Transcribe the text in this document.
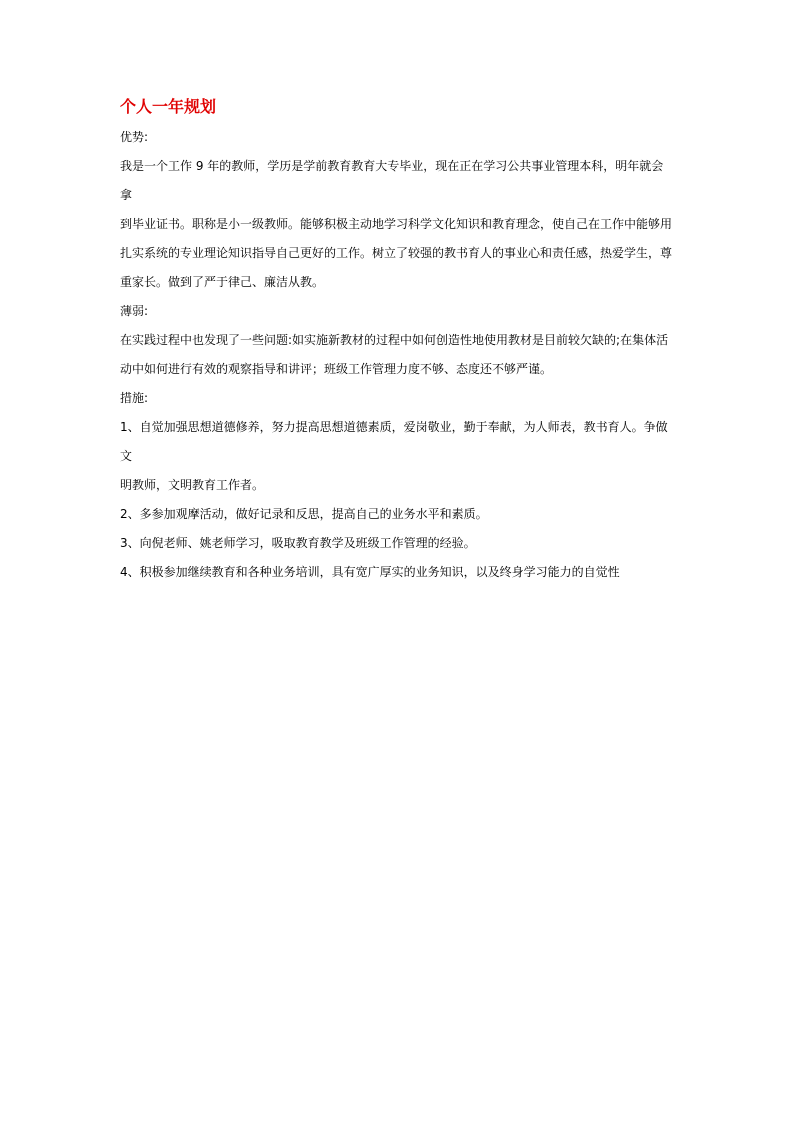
个人一年规划

优势:

我是一个工作 9 年的教师，学历是学前教育教育大专毕业，现在正在学习公共事业管理本科，明年就会拿

到毕业证书。职称是小一级教师。能够积极主动地学习科学文化知识和教育理念，使自己在工作中能够用

扎实系统的专业理论知识指导自己更好的工作。树立了较强的教书育人的事业心和责任感，热爱学生，尊

重家长。做到了严于律己、廉洁从教。

薄弱:

在实践过程中也发现了一些问题:如实施新教材的过程中如何创造性地使用教材是目前较欠缺的;在集体活

动中如何进行有效的观察指导和讲评；班级工作管理力度不够、态度还不够严谨。

措施:

1、自觉加强思想道德修养，努力提高思想道德素质，爱岗敬业，勤于奉献，为人师表，教书育人。争做文

明教师，文明教育工作者。

2、多参加观摩活动，做好记录和反思，提高自己的业务水平和素质。

3、向倪老师、姚老师学习，吸取教育教学及班级工作管理的经验。

4、积极参加继续教育和各种业务培训，具有宽广厚实的业务知识，以及终身学习能力的自觉性
